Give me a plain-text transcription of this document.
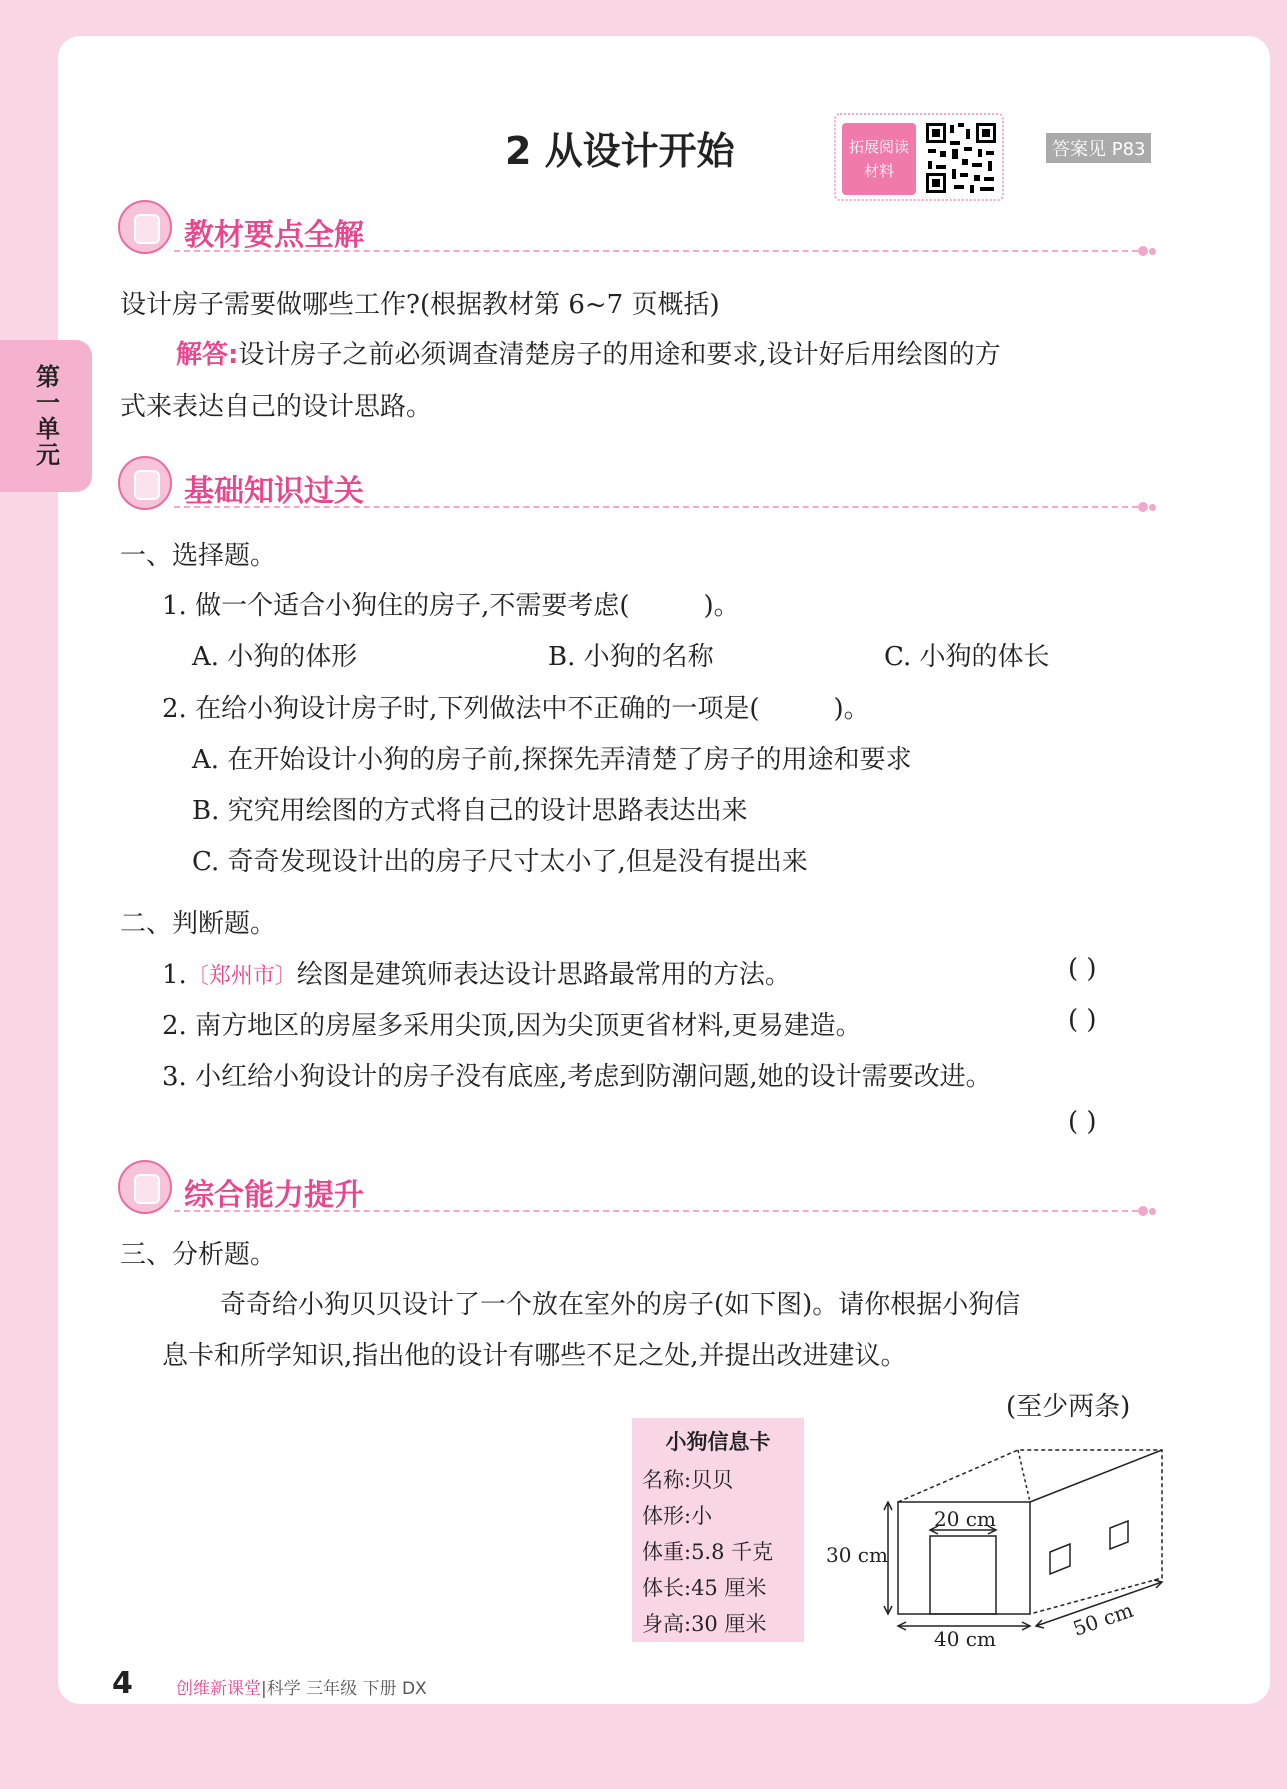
第一单元
2 从设计开始	拓展阅读
材料
答案见 P83
教材要点全解
设计房子需要做哪些工作?(根据教材第 6~7 页概括)
解答:设计房子之前必须调查清楚房子的用途和要求,设计好后用绘图的方
式来表达自己的设计思路。
基础知识过关
一、选择题。
1. 做一个适合小狗住的房子,不需要考虑(	)。
A. 小狗的体形	B. 小狗的名称	C. 小狗的体长
2. 在给小狗设计房子时,下列做法中不正确的一项是(	)。
A. 在开始设计小狗的房子前,探探先弄清楚了房子的用途和要求
B. 究究用绘图的方式将自己的设计思路表达出来
C. 奇奇发现设计出的房子尺寸太小了,但是没有提出来
二、判断题。
1.〔郑州市〕绘图是建筑师表达设计思路最常用的方法。	( )
2. 南方地区的房屋多采用尖顶,因为尖顶更省材料,更易建造。	( )
3. 小红给小狗设计的房子没有底座,考虑到防潮问题,她的设计需要改进。
( )
综合能力提升
三、分析题。
奇奇给小狗贝贝设计了一个放在室外的房子(如下图)。请你根据小狗信
息卡和所学知识,指出他的设计有哪些不足之处,并提出改进建议。
(至少两条)
小狗信息卡
名称:贝贝
体形:小
体重:5.8 千克
体长:45 厘米
身高:30 厘米
20 cm
30 cm
40 cm	50 cm
4	创维新课堂|科学 三年级 下册 DX
